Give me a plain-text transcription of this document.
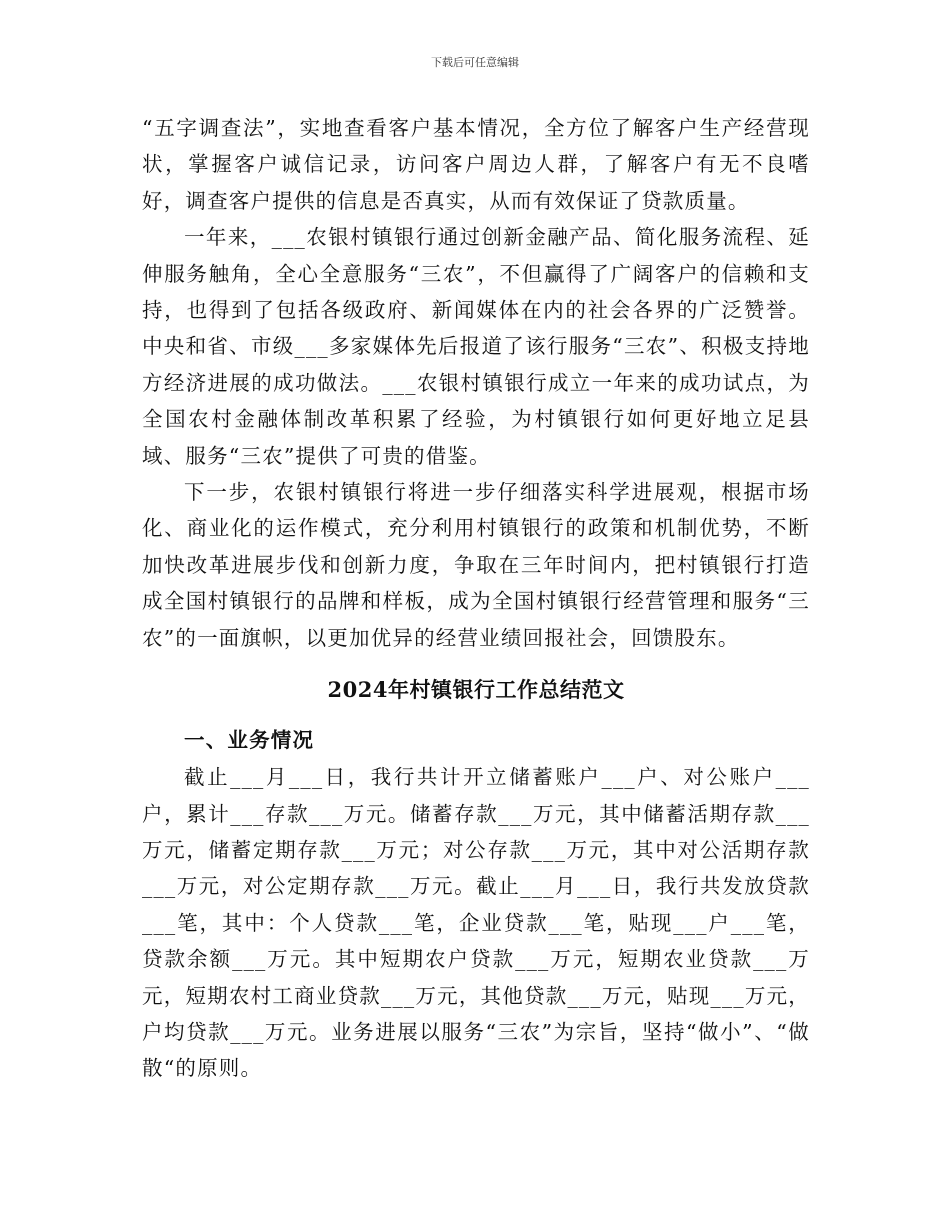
下载后可任意编辑

“五字调查法”，实地查看客户基本情况，全方位了解客户生产经营现状，掌握客户诚信记录，访问客户周边人群，了解客户有无不良嗜好，调查客户提供的信息是否真实，从而有效保证了贷款质量。

一年来，___农银村镇银行通过创新金融产品、简化服务流程、延伸服务触角，全心全意服务“三农”，不但赢得了广阔客户的信赖和支持，也得到了包括各级政府、新闻媒体在内的社会各界的广泛赞誉。中央和省、市级___多家媒体先后报道了该行服务“三农”、积极支持地方经济进展的成功做法。___农银村镇银行成立一年来的成功试点，为全国农村金融体制改革积累了经验，为村镇银行如何更好地立足县域、服务“三农”提供了可贵的借鉴。

下一步，农银村镇银行将进一步仔细落实科学进展观，根据市场化、商业化的运作模式，充分利用村镇银行的政策和机制优势，不断加快改革进展步伐和创新力度，争取在三年时间内，把村镇银行打造成全国村镇银行的品牌和样板，成为全国村镇银行经营管理和服务“三农”的一面旗帜，以更加优异的经营业绩回报社会，回馈股东。

2024年村镇银行工作总结范文
一、业务情况

截止___月___日，我行共计开立储蓄账户___户、对公账户___户，累计___存款___万元。储蓄存款___万元，其中储蓄活期存款___万元，储蓄定期存款___万元；对公存款___万元，其中对公活期存款___万元，对公定期存款___万元。截止___月___日，我行共发放贷款___笔，其中：个人贷款___笔，企业贷款___笔，贴现___户___笔，贷款余额___万元。其中短期农户贷款___万元，短期农业贷款___万元，短期农村工商业贷款___万元，其他贷款___万元，贴现___万元，户均贷款___万元。业务进展以服务“三农”为宗旨，坚持“做小”、“做散“的原则。
